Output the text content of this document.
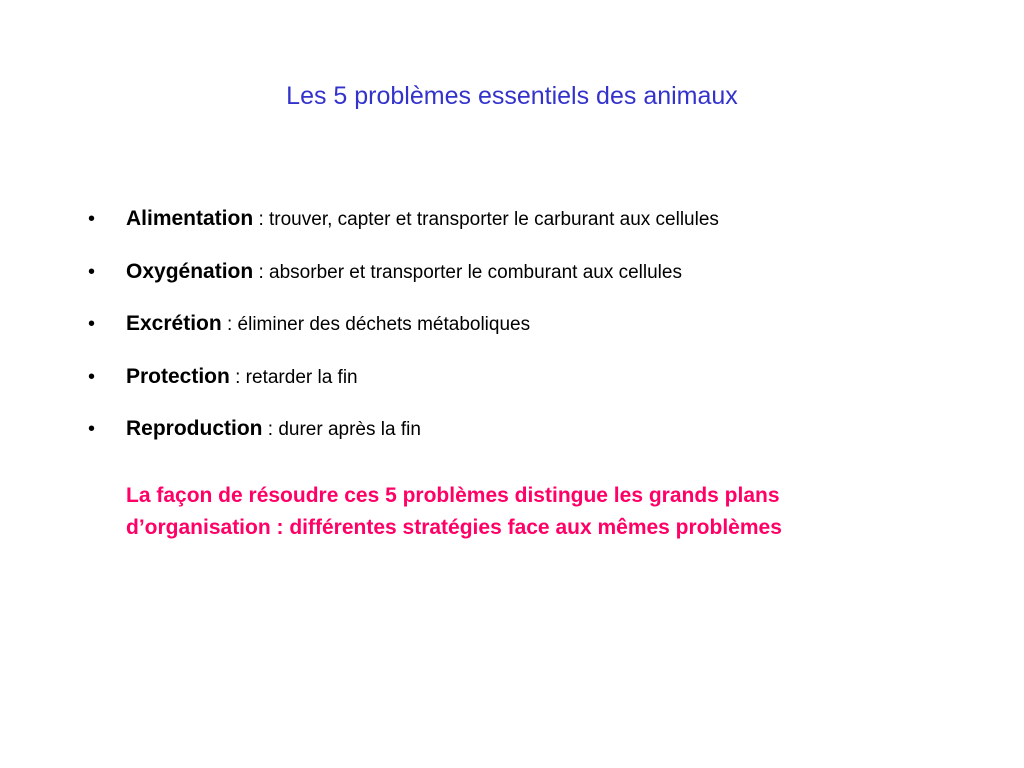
Les 5 problèmes essentiels des animaux
• Alimentation : trouver, capter et transporter le carburant aux cellules
• Oxygénation : absorber et transporter le comburant aux cellules
• Excrétion : éliminer des déchets métaboliques
• Protection : retarder la fin
• Reproduction : durer après la fin

La façon de résoudre ces 5 problèmes distingue les grands plans
d’organisation : différentes stratégies face aux mêmes problèmes
